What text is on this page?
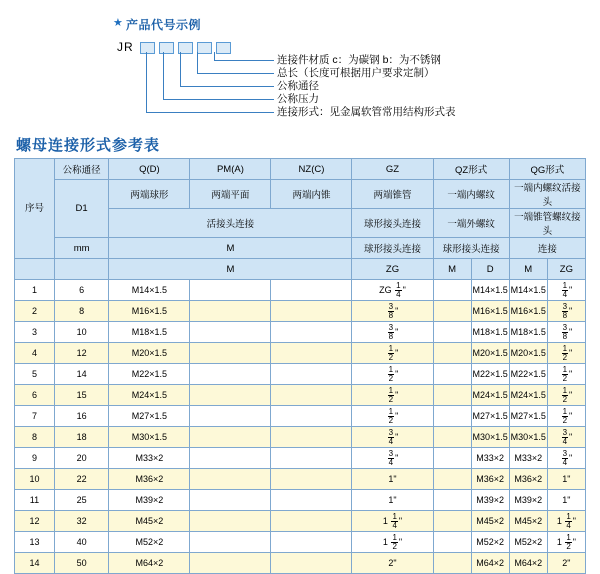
★ 产品代号示例
JR
连接件材质 c：为碳钢 b：为不锈钢
总长（长度可根据用户要求定制）
公称通径
公称压力
连接形式：见金属软管常用结构形式表
螺母连接形式参考表
序号	公称通径	Q(D)	PM(A)	NZ(C)	GZ	QZ形式		QG形式	
	D1	两端球形	两端平面	两端内锥	两端锥管	一端内螺纹		一端内螺纹活接头	
		活接头连接			球形接头连接	一端外螺纹		一端锥管螺纹接头	
	mm	M			球形接头连接	球形接头连接		连接	
		M			ZG	M	D	M	ZG
1	6	M14×1.5			ZG $\frac{1}{4}$ "		M14×1.5	M14×1.5	$\frac{1}{4}$ "
2	8	M16×1.5			$\frac{3}{8}$ "		M16×1.5	M16×1.5	$\frac{3}{8}$ "
3	10	M18×1.5			$\frac{3}{8}$ "		M18×1.5	M18×1.5	$\frac{3}{8}$ "
4	12	M20×1.5			$\frac{1}{2}$ "		M20×1.5	M20×1.5	$\frac{1}{2}$ "
5	14	M22×1.5			$\frac{1}{2}$ "		M22×1.5	M22×1.5	$\frac{1}{2}$ "
6	15	M24×1.5			$\frac{1}{2}$ "		M24×1.5	M24×1.5	$\frac{1}{2}$ "
7	16	M27×1.5			$\frac{1}{2}$ "		M27×1.5	M27×1.5	$\frac{1}{2}$ "
8	18	M30×1.5			$\frac{3}{4}$ "		M30×1.5	M30×1.5	$\frac{3}{4}$ "
9	20	M33×2			$\frac{3}{4}$ "		M33×2	M33×2	$\frac{3}{4}$ "
10	22	M36×2			1"		M36×2	M36×2	1"
11	25	M39×2			1"		M39×2	M39×2	1"
12	32	M45×2			$1 \frac{1}{4}$ "		M45×2	M45×2	$1 \frac{1}{4}$ "
13	40	M52×2			$1 \frac{1}{2}$ "		M52×2	M52×2	$1 \frac{1}{2}$ "
14	50	M64×2			2"		M64×2	M64×2	2"
